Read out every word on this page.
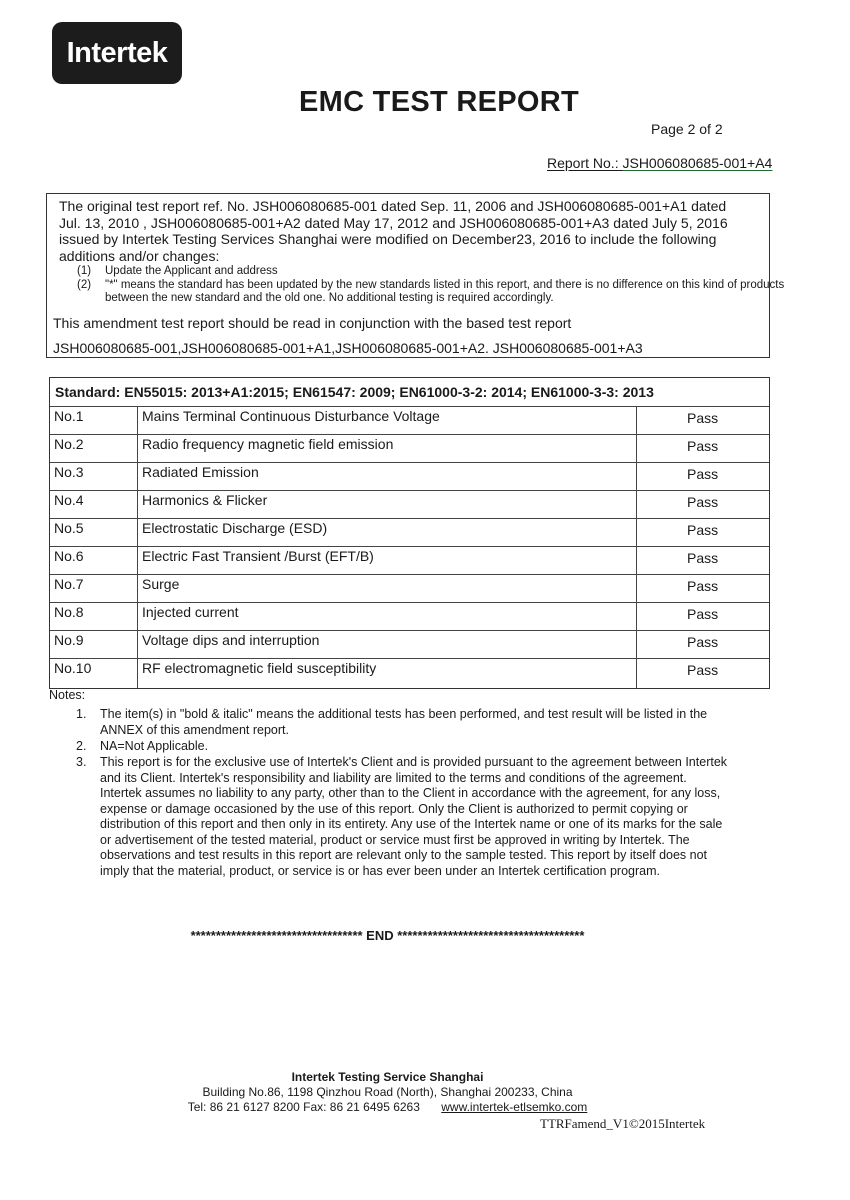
Intertek
EMC TEST REPORT
Page 2 of 2
Report No.: JSH006080685-001+A4
The original test report ref. No. JSH006080685-001 dated Sep. 11, 2006 and JSH006080685-001+A1 dated
Jul. 13, 2010 , JSH006080685-001+A2 dated May 17, 2012 and JSH006080685-001+A3 dated July 5, 2016
issued by Intertek Testing Services Shanghai were modified on December23, 2016 to include the following
additions and/or changes:
(1) Update the Applicant and address
(2) "*" means the standard has been updated by the new standards listed in this report, and there is no difference on this kind of products between the new standard and the old one. No additional testing is required accordingly.
This amendment test report should be read in conjunction with the based test report
JSH006080685-001,JSH006080685-001+A1,JSH006080685-001+A2. JSH006080685-001+A3
Standard: EN55015: 2013+A1:2015; EN61547: 2009; EN61000-3-2: 2014; EN61000-3-3: 2013
No.1	Mains Terminal Continuous Disturbance Voltage	Pass
No.2	Radio frequency magnetic field emission	Pass
No.3	Radiated Emission	Pass
No.4	Harmonics & Flicker	Pass
No.5	Electrostatic Discharge (ESD)	Pass
No.6	Electric Fast Transient /Burst (EFT/B)	Pass
No.7	Surge	Pass
No.8	Injected current	Pass
No.9	Voltage dips and interruption	Pass
No.10	RF electromagnetic field susceptibility	Pass
Notes:
1. The item(s) in "bold & italic" means the additional tests has been performed, and test result will be listed in the ANNEX of this amendment report.
2. NA=Not Applicable.
3. This report is for the exclusive use of Intertek's Client and is provided pursuant to the agreement between Intertek and its Client. Intertek's responsibility and liability are limited to the terms and conditions of the agreement. Intertek assumes no liability to any party, other than to the Client in accordance with the agreement, for any loss, expense or damage occasioned by the use of this report. Only the Client is authorized to permit copying or distribution of this report and then only in its entirety. Any use of the Intertek name or one of its marks for the sale or advertisement of the tested material, product or service must first be approved in writing by Intertek. The observations and test results in this report are relevant only to the sample tested. This report by itself does not imply that the material, product, or service is or has ever been under an Intertek certification program.
********************************** END *************************************
Intertek Testing Service Shanghai
Building No.86, 1198 Qinzhou Road (North), Shanghai 200233, China
Tel: 86 21 6127 8200 Fax: 86 21 6495 6263 www.intertek-etlsemko.com
TTRFamend_V1©2015Intertek
